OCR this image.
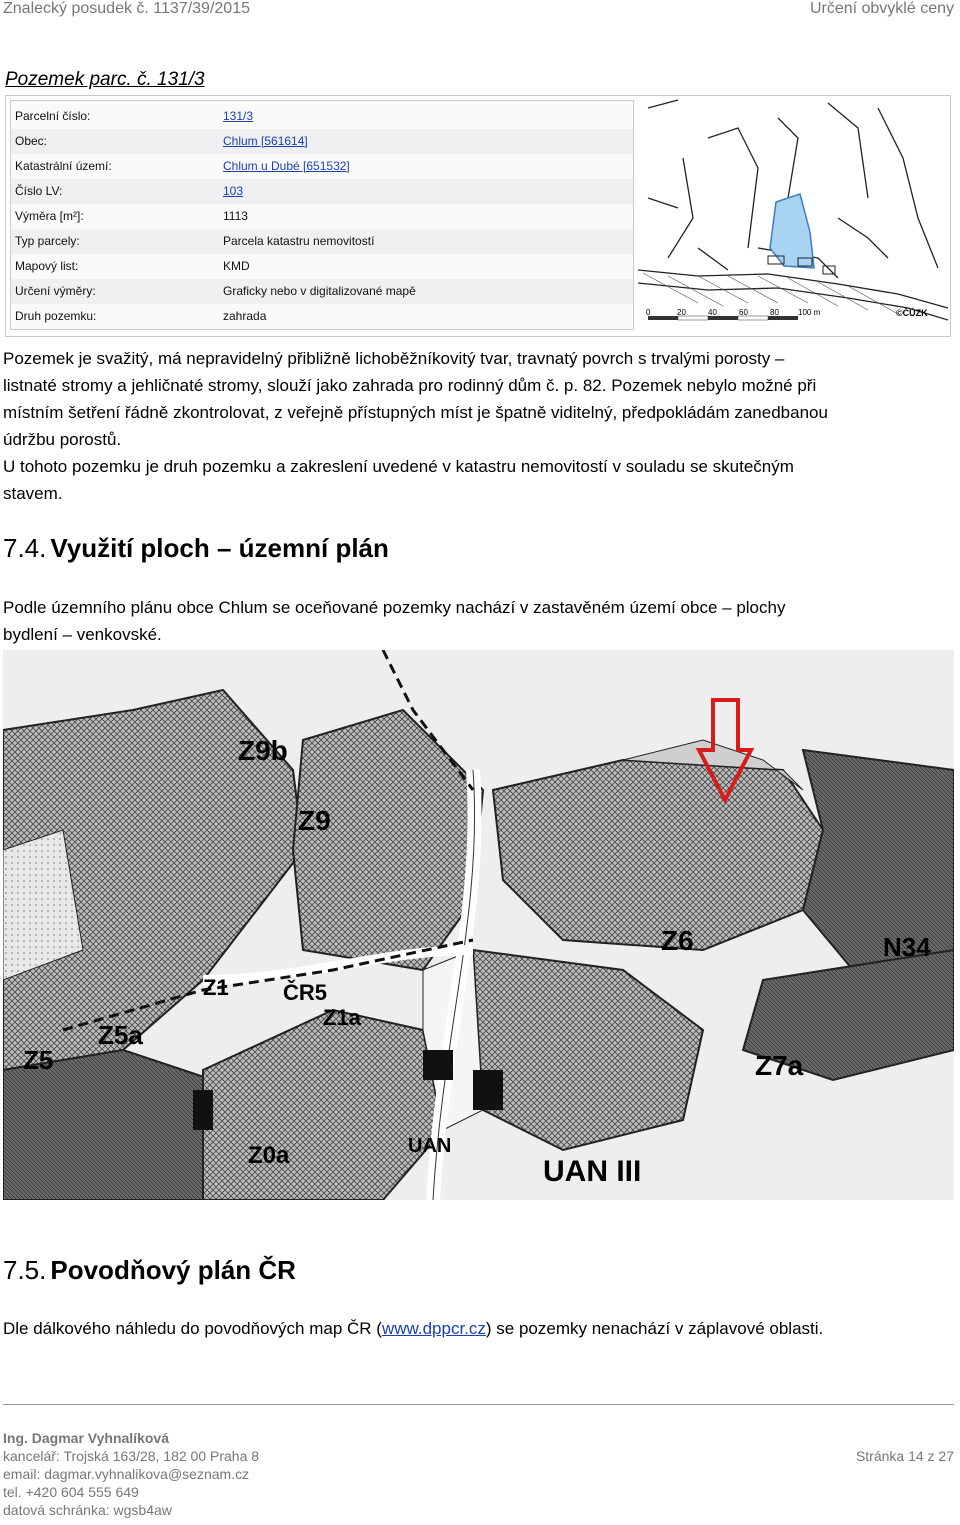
Znalecký posudek č. 1137/39/2015	Určení obvyklé ceny
Pozemek parc. č. 131/3
Parcelní číslo:	131/3
Obec:	Chlum [561614]
Katastrální území:	Chlum u Dubé [651532]
Číslo LV:	103
Výměra [m²]:	1113
Typ parcely:	Parcela katastru nemovitostí
Mapový list:	KMD
Určení výměry:	Graficky nebo v digitalizované mapě
Druh pozemku:	zahrada	0	20	40	60	80 100 m	©ČÚZK
Pozemek je svažitý, má nepravidelný přibližně lichoběžníkovitý tvar, travnatý povrch s trvalými porosty –
listnaté stromy a jehličnaté stromy, slouží jako zahrada pro rodinný dům č. p. 82. Pozemek nebylo možné při
místním šetření řádně zkontrolovat, z veřejně přístupných míst je špatně viditelný, předpokládám zanedbanou
údržbu porostů.
U tohoto pozemku je druh pozemku a zakreslení uvedené v katastru nemovitostí v souladu se skutečným
stavem.
7.4. Využití ploch – územní plán
Podle územního plánu obce Chlum se oceňované pozemky nachází v zastavěném území obce – plochy
bydlení – venkovské.
Z9b
Z9
Z6	N34
Z5a
Z5	Z7a
Z1 ČR5
Z1a
Z0a	UAN
UAN III
7.5. Povodňový plán ČR
Dle dálkového náhledu do povodňových map ČR (www.dppcr.cz) se pozemky nenachází v záplavové oblasti.
Ing. Dagmar Vyhnalíková
kancelář: Trojská 163/28, 182 00 Praha 8
email: dagmar.vyhnalikova@seznam.cz
tel. +420 604 555 649
datová schránka: wgsb4aw
Stránka 14 z 27
